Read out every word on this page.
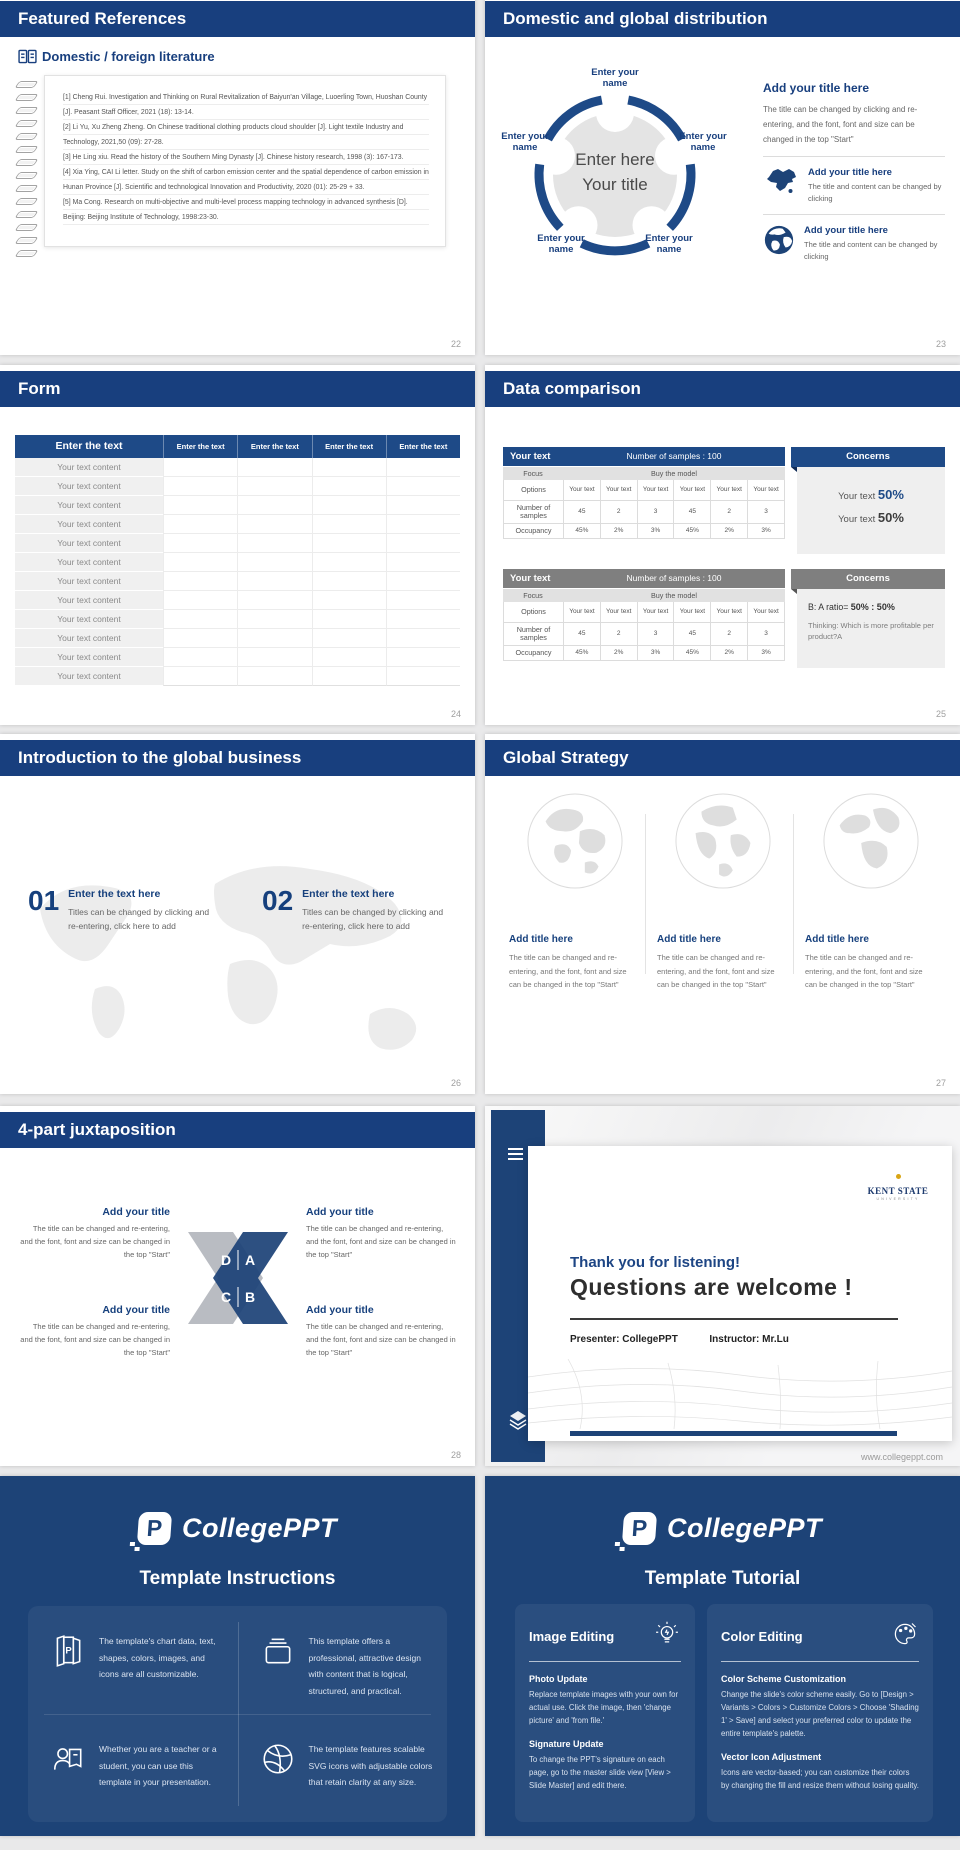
Featured References
Domestic / foreign literature

[1] Cheng Rui. Investigation and Thinking on Rural Revitalization of Baiyun'an Village, Luoerling Town, Huoshan County [J]. Peasant Staff Officer, 2021 (18): 13-14.

[2] Li Yu, Xu Zheng Zheng. On Chinese traditional clothing products cloud shoulder [J]. Light textile Industry and Technology, 2021,50 (09): 27-28.

[3] He Ling xiu. Read the history of the Southern Ming Dynasty [J]. Chinese history research, 1998 (3): 167-173.

[4] Xia Ying, CAI Li letter. Study on the shift of carbon emission center and the spatial dependence of carbon emission in Hunan Province [J]. Scientific and technological Innovation and Productivity, 2020 (01): 25-29 + 33.

[5] Ma Cong. Research on multi-objective and multi-level process mapping technology in advanced synthesis [D]. Beijing: Beijing Institute of Technology, 1998:23-30.

22
Domestic and global distribution
Enter here
Your title
Enter your name
Enter your name
Enter your name
Enter your name
Enter your name
Add your title here
The title can be changed by clicking and re-entering, and the font, font and size can be changed in the top "Start"
Add your title here

The title and content can be changed by clicking

Add your title here

The title and content can be changed by clicking

23
Form
Enter the text	Enter the text	Enter the text	Enter the text	Enter the text
Your text content
Your text content
Your text content
Your text content
Your text content
Your text content
Your text content
Your text content
Your text content
Your text content
Your text content
Your text content
24
Data comparison
Your text	Number of samples : 100
Focus	Buy the model
Options	Your text	Your text	Your text	Your text	Your text	Your text
Number of samples	45	2	3	45	2	3
Occupancy	45%	2%	3%	45%	2%	3%
Concerns
Your text 50%
Your text 50%
Your text	Number of samples : 100
Focus	Buy the model
Options	Your text	Your text	Your text	Your text	Your text	Your text
Number of samples	45	2	3	45	2	3
Occupancy	45%	2%	3%	45%	2%	3%
Concerns
B: A ratio= 50% : 50%
Thinking: Which is more profitable per product?A
25
Introduction to the global business
01 Enter the text here

Titles can be changed by clicking and re-entering, click here to add

02 Enter the text here

Titles can be changed by clicking and re-entering, click here to add

26
Global Strategy
Add title here

The title can be changed and re-entering, and the font, font and size can be changed in the top "Start"

Add title here

The title can be changed and re-entering, and the font, font and size can be changed in the top "Start"

Add title here

The title can be changed and re-entering, and the font, font and size can be changed in the top "Start"

27
4-part juxtaposition
Add your title

The title can be changed and re-entering, and the font, font and size can be changed in the top "Start"

Add your title

The title can be changed and re-entering, and the font, font and size can be changed in the top "Start"

Add your title

The title can be changed and re-entering, and the font, font and size can be changed in the top "Start"

Add your title

The title can be changed and re-entering, and the font, font and size can be changed in the top "Start"

D A
C B
28
KENT STATE
UNIVERSITY
Thank you for listening!
Questions are welcome !
Presenter: CollegePPT	Instructor: Mr.Lu
www.collegeppt.com
P CollegePPT
Template Instructions
P

The template's chart data, text, shapes, colors, images, and icons are all customizable.

This template offers a professional, attractive design with content that is logical, structured, and practical.

Whether you are a teacher or a student, you can use this template in your presentation.

The template features scalable SVG icons with adjustable colors that retain clarity at any size.

P CollegePPT
Template Tutorial
Image Editing
Photo Update

Replace template images with your own for actual use. Click the image, then 'change picture' and 'from file.'

Signature Update

To change the PPT's signature on each page, go to the master slide view [View > Slide Master] and edit there.

Color Editing
Color Scheme Customization

Change the slide's color scheme easily. Go to [Design > Variants > Colors > Customize Colors > Choose 'Shading 1' > Save] and select your preferred color to update the entire template's palette.

Vector Icon Adjustment

Icons are vector-based; you can customize their colors by changing the fill and resize them without losing quality.
